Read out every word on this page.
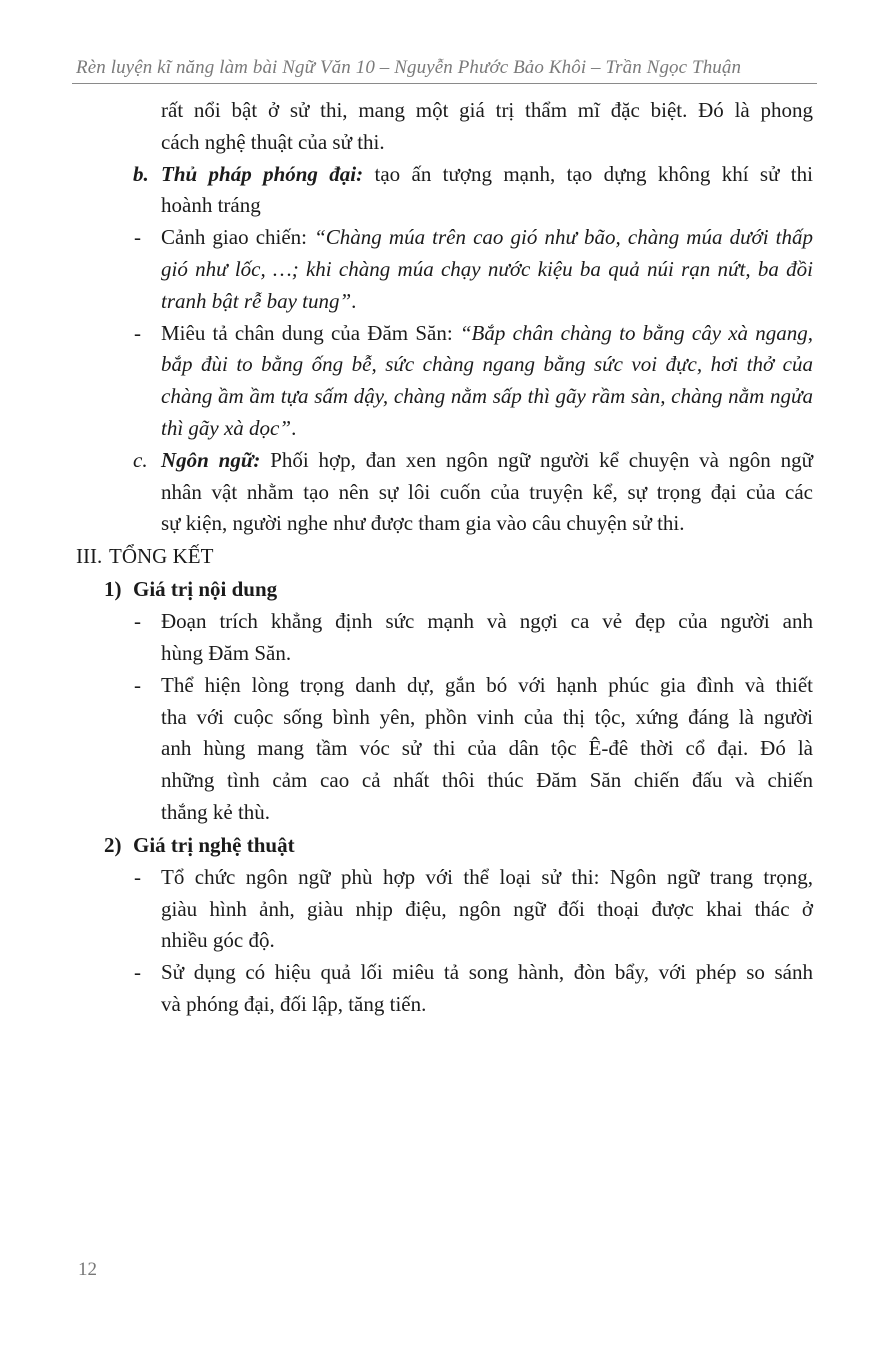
Rèn luyện kĩ năng làm bài Ngữ Văn 10 – Nguyễn Phước Bảo Khôi – Trần Ngọc Thuận
rất nổi bật ở sử thi, mang một giá trị thẩm mĩ đặc biệt. Đó là phong
cách nghệ thuật của sử thi.
b. Thủ pháp phóng đại: tạo ấn tượng mạnh, tạo dựng không khí sử thi
hoành tráng
- Cảnh giao chiến: “Chàng múa trên cao gió như bão, chàng múa dưới thấp
gió như lốc, …; khi chàng múa chạy nước kiệu ba quả núi rạn nứt, ba đồi
tranh bật rễ bay tung”.
- Miêu tả chân dung của Đăm Săn: “Bắp chân chàng to bằng cây xà ngang,
bắp đùi to bằng ống bễ, sức chàng ngang bằng sức voi đực, hơi thở của
chàng ầm ầm tựa sấm dậy, chàng nằm sấp thì gãy rầm sàn, chàng nằm ngửa
thì gãy xà dọc”.
c. Ngôn ngữ: Phối hợp, đan xen ngôn ngữ người kể chuyện và ngôn ngữ
nhân vật nhằm tạo nên sự lôi cuốn của truyện kể, sự trọng đại của các
sự kiện, người nghe như được tham gia vào câu chuyện sử thi.
III. TỔNG KẾT
1) Giá trị nội dung
- Đoạn trích khẳng định sức mạnh và ngợi ca vẻ đẹp của người anh
hùng Đăm Săn.
- Thể hiện lòng trọng danh dự, gắn bó với hạnh phúc gia đình và thiết
tha với cuộc sống bình yên, phồn vinh của thị tộc, xứng đáng là người
anh hùng mang tầm vóc sử thi của dân tộc Ê-đê thời cổ đại. Đó là
những tình cảm cao cả nhất thôi thúc Đăm Săn chiến đấu và chiến
thắng kẻ thù.
2) Giá trị nghệ thuật
- Tổ chức ngôn ngữ phù hợp với thể loại sử thi: Ngôn ngữ trang trọng,
giàu hình ảnh, giàu nhịp điệu, ngôn ngữ đối thoại được khai thác ở
nhiều góc độ.
- Sử dụng có hiệu quả lối miêu tả song hành, đòn bẩy, với phép so sánh
và phóng đại, đối lập, tăng tiến.
12
